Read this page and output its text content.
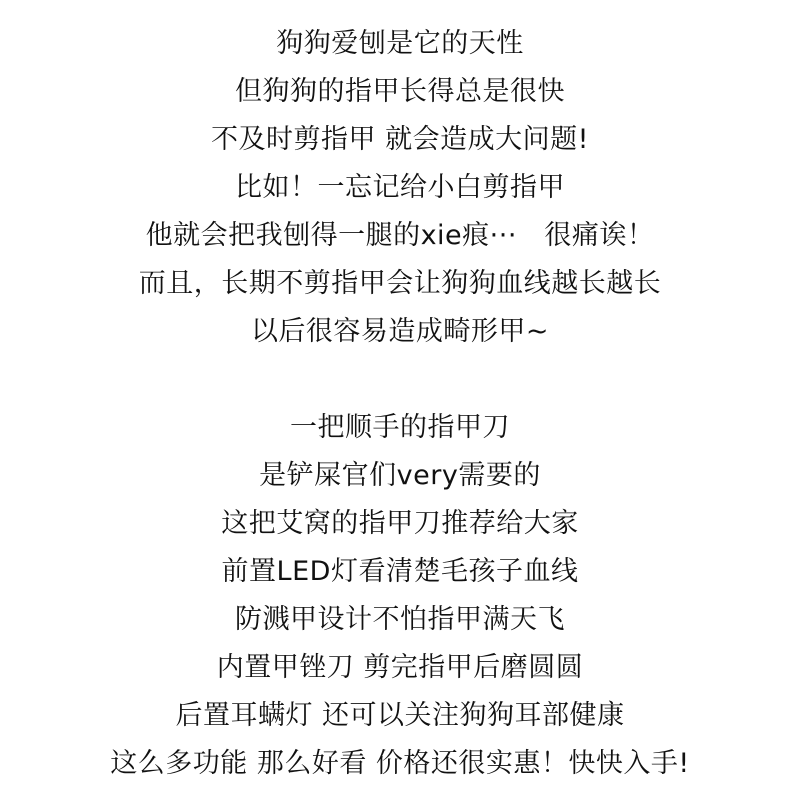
狗狗爱刨是它的天性
但狗狗的指甲长得总是很快
不及时剪指甲 就会造成大问题!
比如！一忘记给小白剪指甲
他就会把我刨得一腿的xie痕···　很痛诶！
而且，长期不剪指甲会让狗狗血线越长越长
以后很容易造成畸形甲~
一把顺手的指甲刀
是铲屎官们very需要的
这把艾窝的指甲刀推荐给大家
前置LED灯看清楚毛孩子血线
防溅甲设计不怕指甲满天飞
内置甲锉刀 剪完指甲后磨圆圆
后置耳螨灯 还可以关注狗狗耳部健康
这么多功能 那么好看 价格还很实惠！快快入手!
